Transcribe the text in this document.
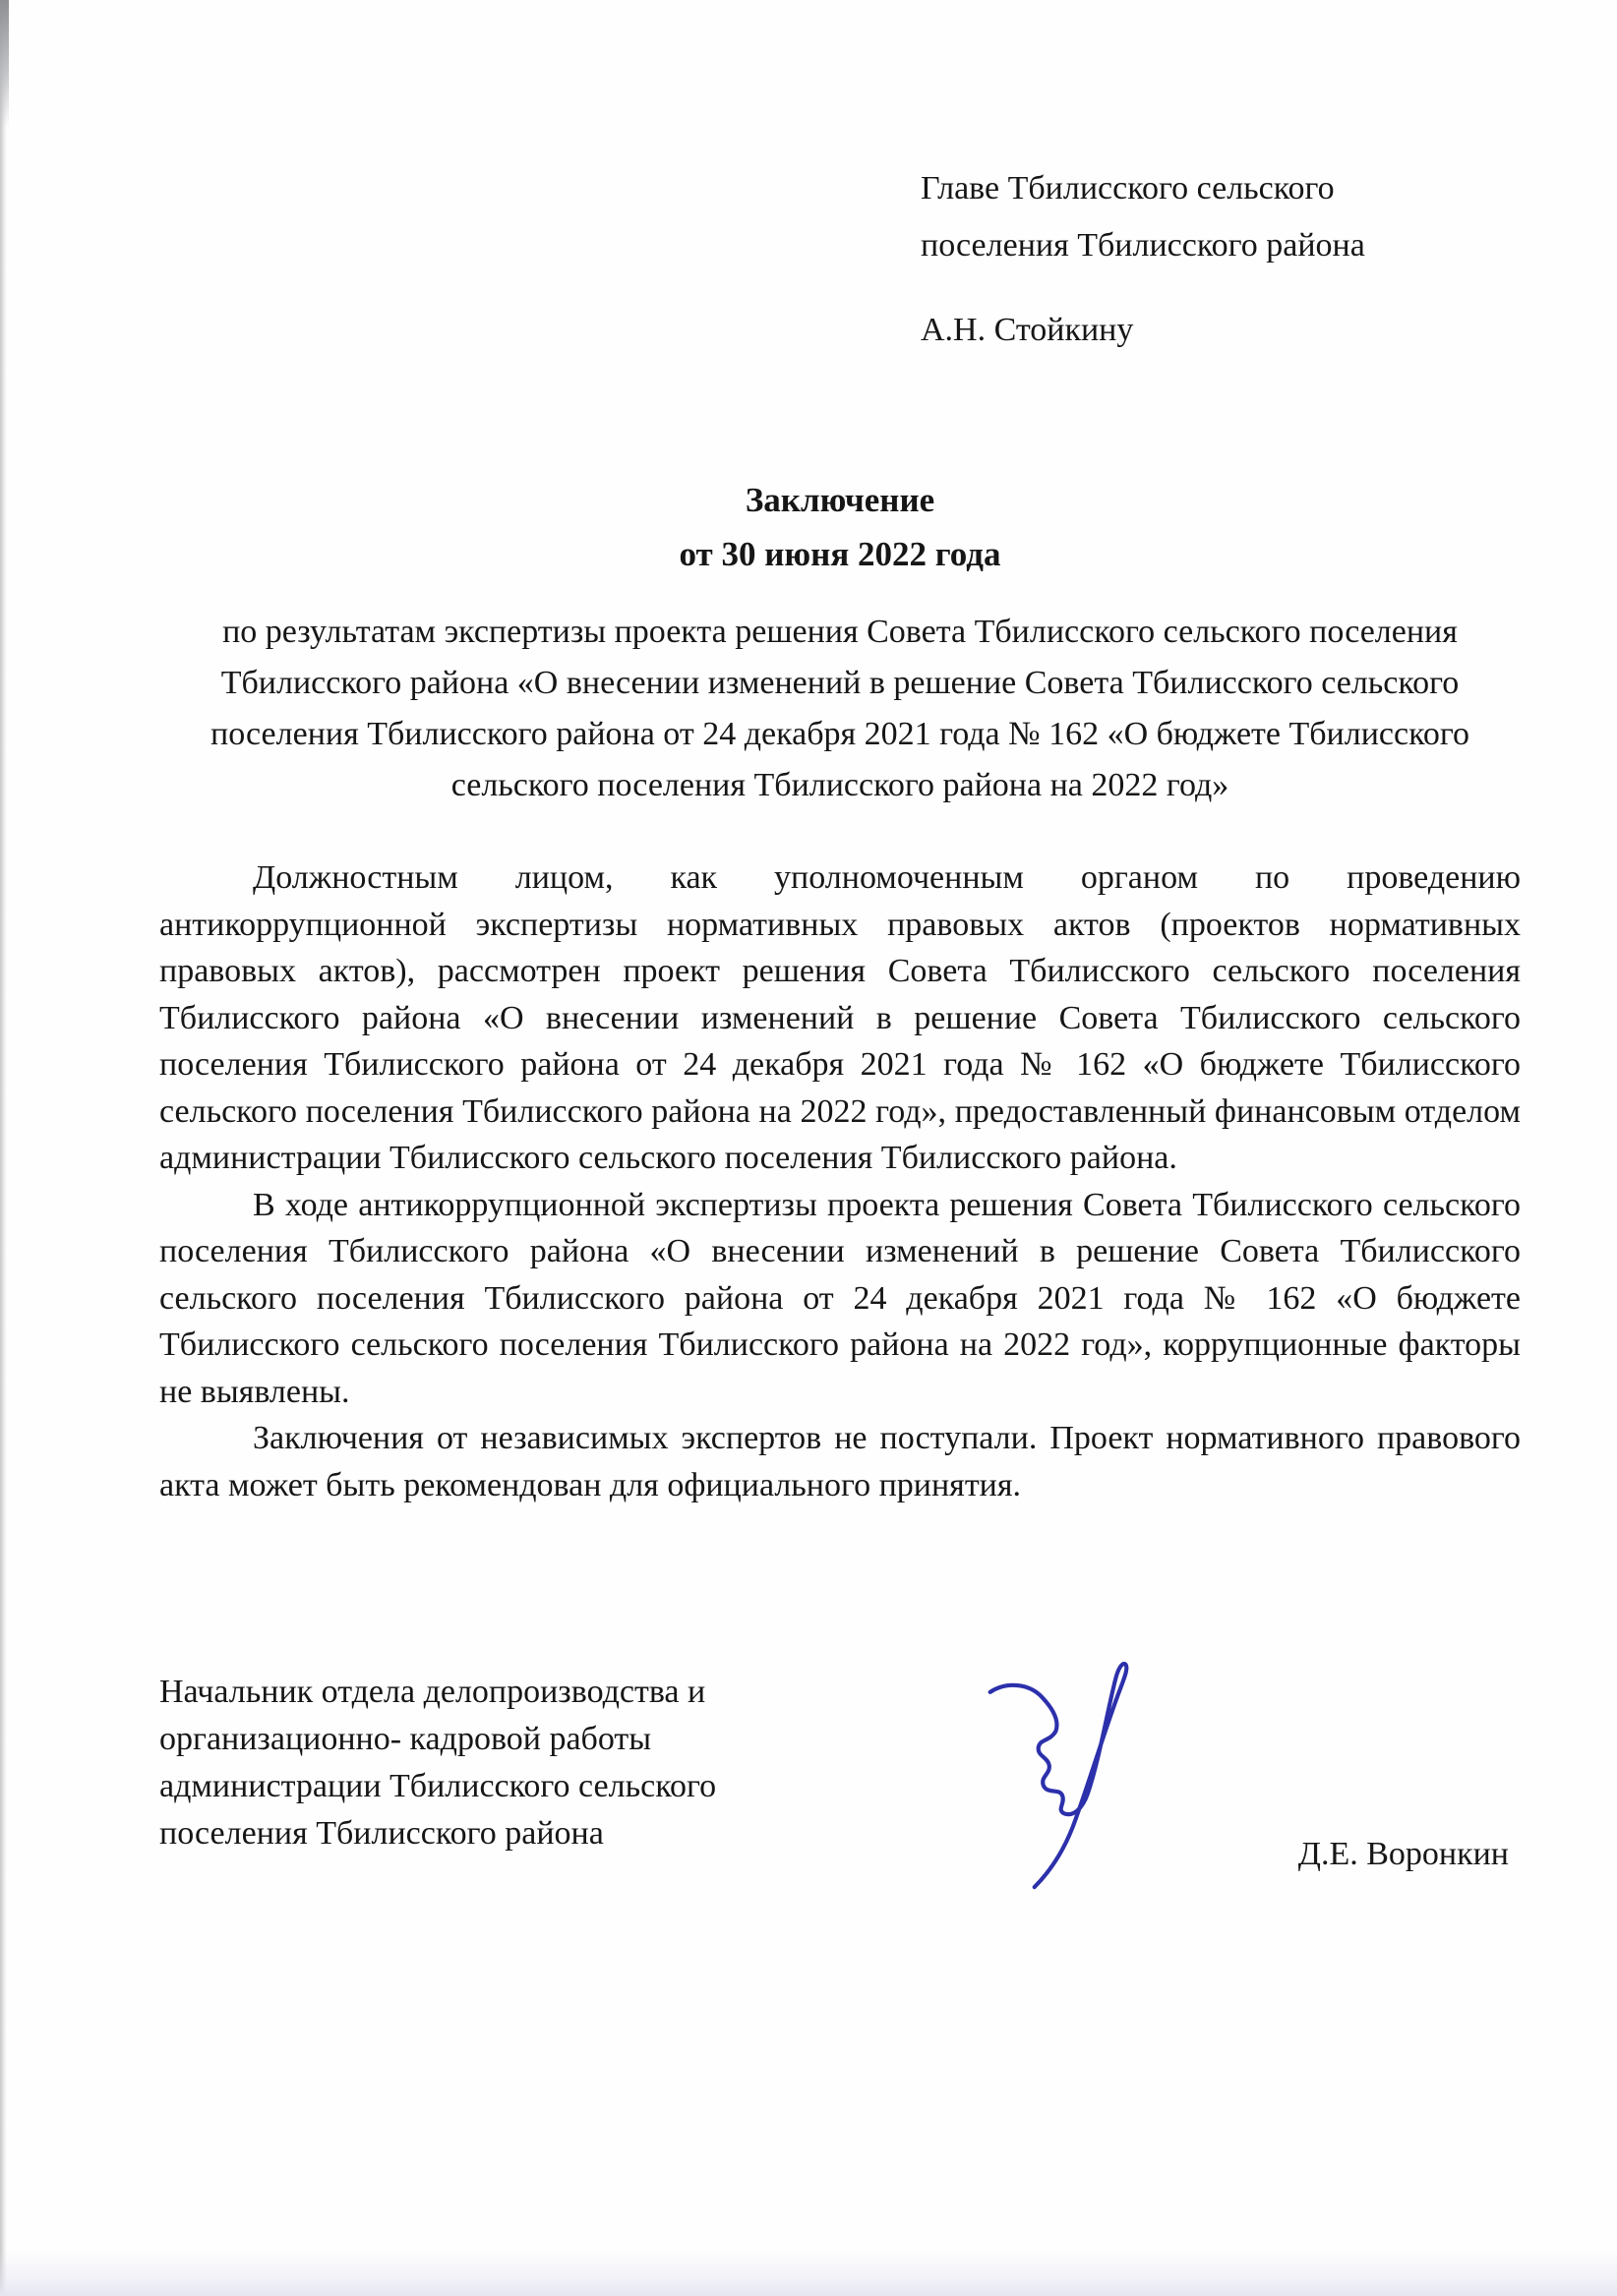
Главе Тбилисского сельского
поселения Тбилисского района
А.Н. Стойкину
Заключение
от 30 июня 2022 года
по результатам экспертизы проекта решения Совета Тбилисского сельского поселения Тбилисского района «О внесении изменений в решение Совета Тбилисского сельского поселения Тбилисского района от 24 декабря 2021 года № 162 «О бюджете Тбилисского сельского поселения Тбилисского района на 2022 год»

Должностным лицом, как уполномоченным органом по проведению антикоррупционной экспертизы нормативных правовых актов (проектов нормативных правовых актов), рассмотрен проект решения Совета Тбилисского сельского поселения Тбилисского района «О внесении изменений в решение Совета Тбилисского сельского поселения Тбилисского района от 24 декабря 2021 года № 162 «О бюджете Тбилисского сельского поселения Тбилисского района на 2022 год», предоставленный финансовым отделом администрации Тбилисского сельского поселения Тбилисского района.

В ходе антикоррупционной экспертизы проекта решения Совета Тбилисского сельского поселения Тбилисского района «О внесении изменений в решение Совета Тбилисского сельского поселения Тбилисского района от 24 декабря 2021 года № 162 «О бюджете Тбилисского сельского поселения Тбилисского района на 2022 год», коррупционные факторы не выявлены.

Заключения от независимых экспертов не поступали. Проект нормативного правового акта может быть рекомендован для официального принятия.

Начальник отдела делопроизводства и
организационно- кадровой работы
администрации Тбилисского сельского
поселения Тбилисского района
Д.Е. Воронкин
